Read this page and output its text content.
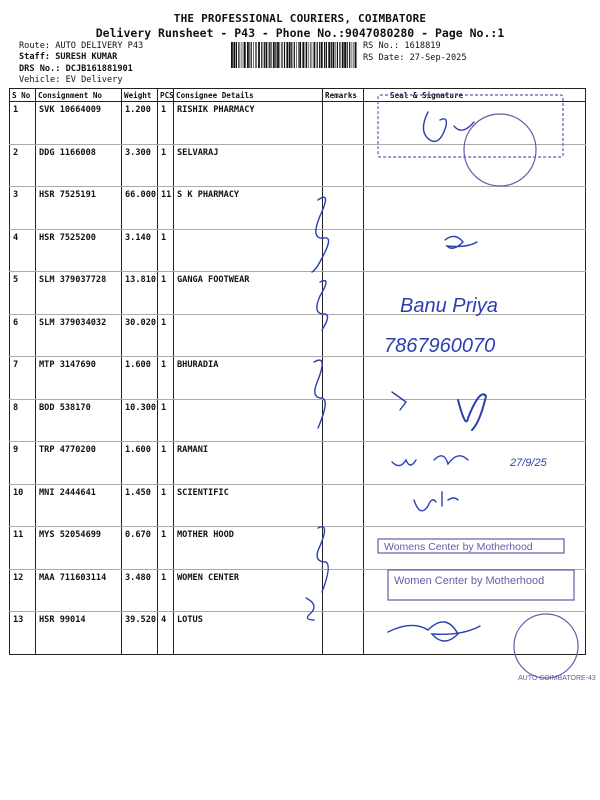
THE PROFESSIONAL COURIERS, COIMBATORE
Delivery Runsheet - P43 - Phone No.:9047080280 - Page No.:1
Route: AUTO DELIVERY P43
Staff: SURESH KUMAR
DRS No.: DCJB161881901
Vehicle: EV Delivery
RS No.: 1618819
RS Date: 27-Sep-2025
S No	Consignment No	Weight	PCS	Consignee Details	Remarks	Seal & Signature
1	SVK 10664009	1.200	1	RISHIK PHARMACY		
2	DDG 1166008	3.300	1	SELVARAJ		
3	HSR 7525191	66.000	11	S K PHARMACY		
4	HSR 7525200	3.140	1			
5	SLM 379037728	13.810	1	GANGA FOOTWEAR		
6	SLM 379034032	30.020	1			
7	MTP 3147690	1.600	1	BHURADIA		
8	BOD 538170	10.300	1			
9	TRP 4770200	1.600	1	RAMANI		
10	MNI 2444641	1.450	1	SCIENTIFIC		
11	MYS 52054699	0.670	1	MOTHER HOOD		
12	MAA 711603114	3.480	1	WOMEN CENTER		
13	HSR 99014	39.520	4	LOTUS		
Banu Priya
7867960070
27/9/25
Womens Center by Motherhood
Women Center by Motherhood
AUTO COIMBATORE-43
